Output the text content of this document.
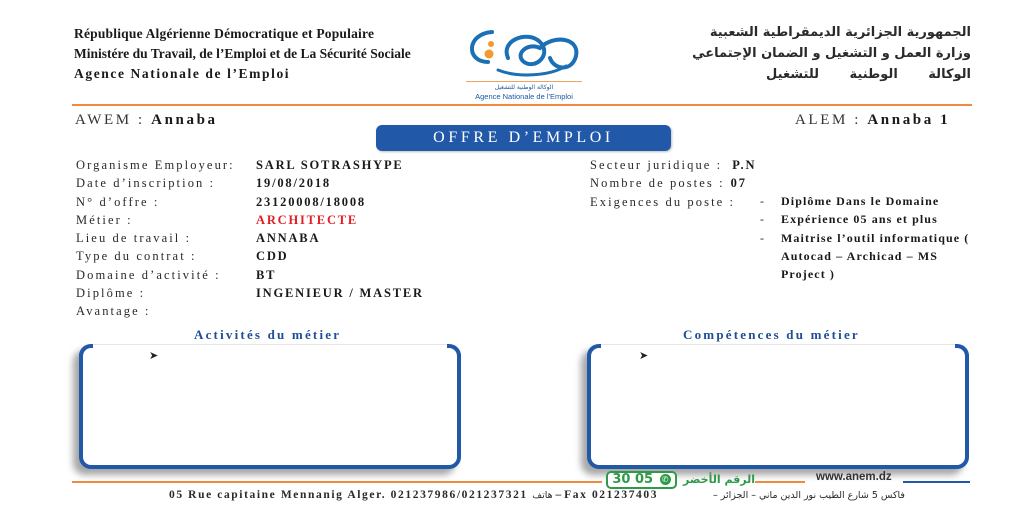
République Algérienne Démocratique et Populaire
Ministére du Travail, de l’Emploi et de La Sécurité Sociale
Agence Nationale de l’Emploi
الوكالة الوطنية للتشغيل
Agence Nationale de l'Emploi
الجمهورية الجزائرية الديمقراطية الشعبية
وزارة العمل و التشغيل و الضمان الإجتماعي
الوكالة الوطنية للتشغيل
AWEM : Annaba	ALEM : Annaba 1
OFFRE D’EMPLOI
Organisme Employeur:	SARL SOTRASHYPE
Date d’inscription :	19/08/2018
N° d’offre :	23120008/18008
Métier :	ARCHITECTE
Lieu de travail :	ANNABA
Type du contrat :	CDD
Domaine d’activité :	BT
Diplôme :	INGENIEUR / MASTER
Avantage :
Secteur juridique : P.N
Nombre de postes : 07
Exigences du poste : -	Diplôme Dans le Domaine
-	Expérience 05 ans et plus
-	Maitrise l’outil informatique ( Autocad – Archicad – MS Project )
Activités du métier	Compétences du métier
➤	➤
30 05 ✆	الرقم الأخضر	www.anem.dz
05 Rue capitaine Mennanig Alger. 021237986/021237321 هاتف – Fax 021237403	فاكس 5 شارع الطيب نور الدين ماني – الجزائر –
